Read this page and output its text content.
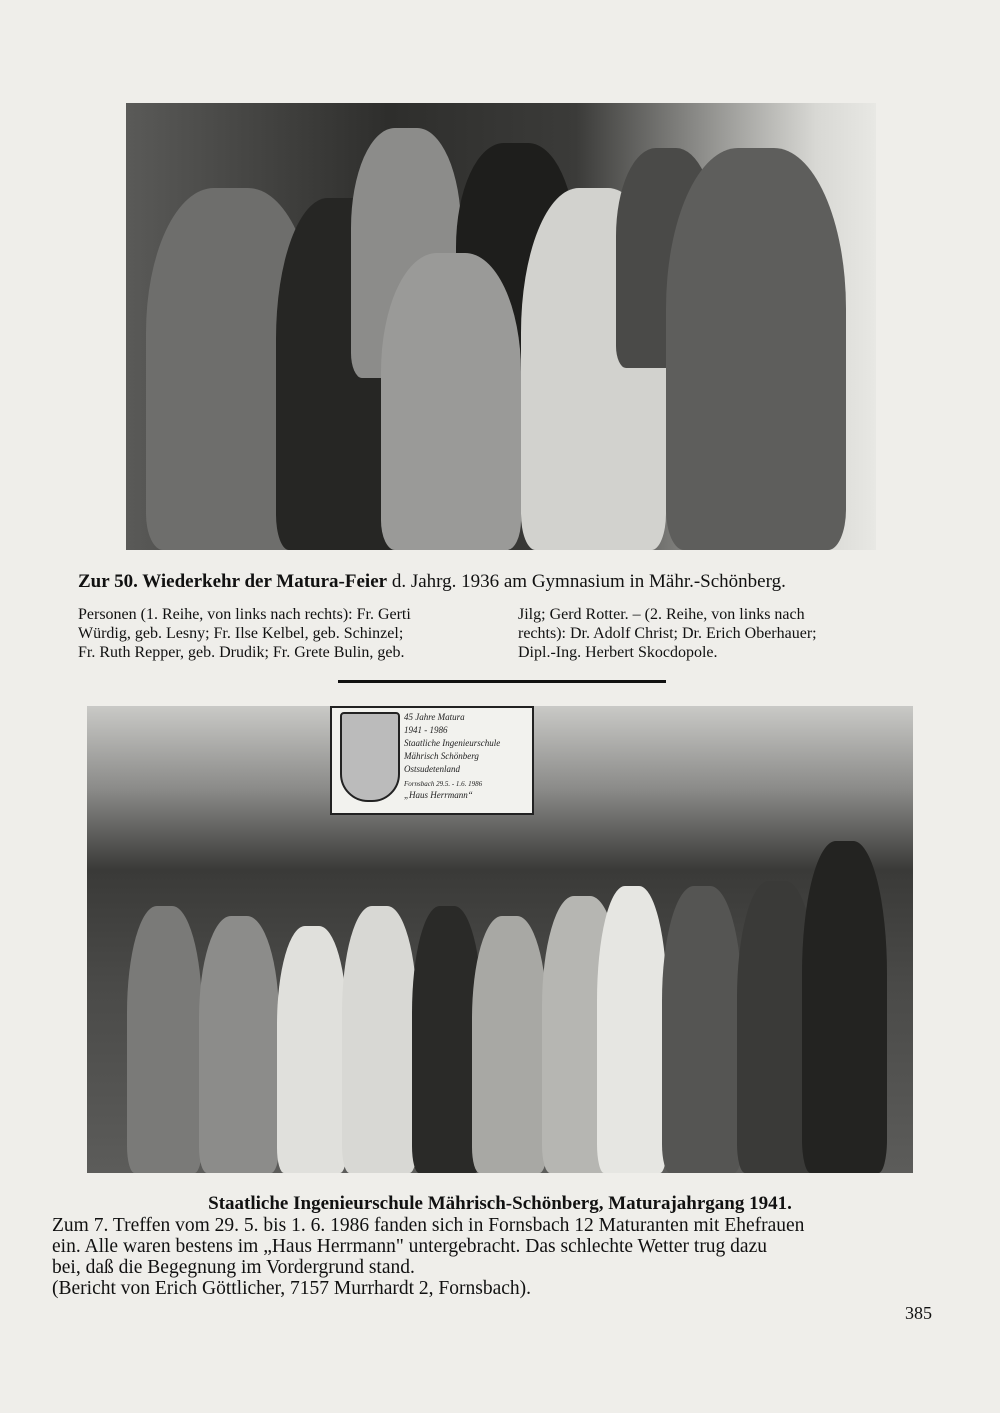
Zur 50. Wiederkehr der Matura-Feier d. Jahrg. 1936 am Gymnasium in Mähr.-Schönberg.
Personen (1. Reihe, von links nach rechts): Fr. Gerti
Würdig, geb. Lesny; Fr. Ilse Kelbel, geb. Schinzel;
Fr. Ruth Repper, geb. Drudik; Fr. Grete Bulin, geb.
Jilg; Gerd Rotter. – (2. Reihe, von links nach
rechts): Dr. Adolf Christ; Dr. Erich Oberhauer;
Dipl.-Ing. Herbert Skocdopole.
45 Jahre Matura
1941 - 1986
Staatliche Ingenieurschule
Mährisch Schönberg
Ostsudetenland
Fornsbach 29.5. - 1.6. 1986
„Haus Herrmann“
Staatliche Ingenieurschule Mährisch-Schönberg, Maturajahrgang 1941.
Zum 7. Treffen vom 29. 5. bis 1. 6. 1986 fanden sich in Fornsbach 12 Maturanten mit Ehefrauen
ein. Alle waren bestens im „Haus Herrmann" untergebracht. Das schlechte Wetter trug dazu
bei, daß die Begegnung im Vordergrund stand.
(Bericht von Erich Göttlicher, 7157 Murrhardt 2, Fornsbach).
385
